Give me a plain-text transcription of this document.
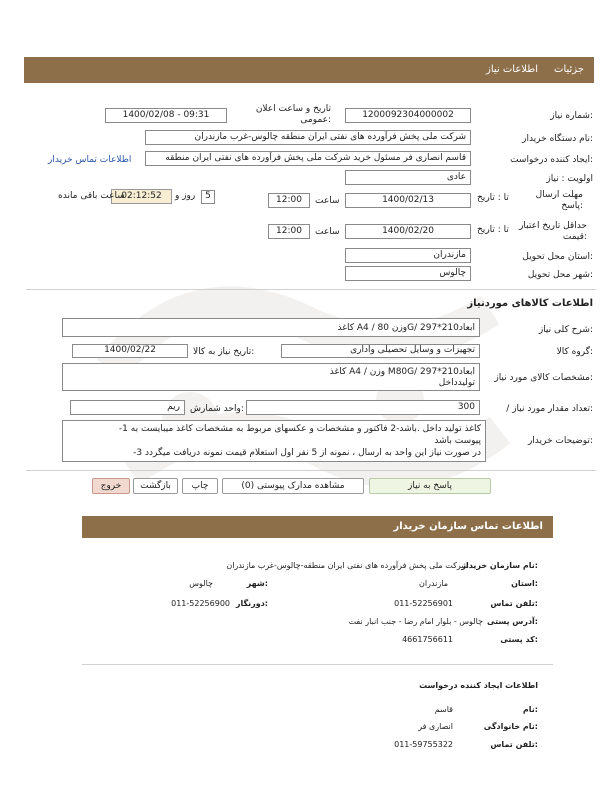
جزئیات
اطلاعات نیاز
شماره نیاز:
1200092304000002
تاریخ و ساعت اعلان عمومی:
1400/02/08 - 09:31
نام دستگاه خریدار:
شرکت ملی پخش فرآورده های نفتی ایران منطقه چالوس-غرب مازندران
ایجاد کننده درخواست:
قاسم انصاری فر مسئول خرید شرکت ملی پخش فرآورده های نفتی ایران منطقه
اطلاعات تماس خریدار
اولویت : نیاز
عادی
مهلت ارسال پاسخ:
تا : تاریخ
1400/02/13
ساعت
12:00
5
روز و
02:12:52
ساعت باقی مانده
حداقل تاریخ اعتبار قیمت:
تا : تاریخ
1400/02/20
ساعت
12:00
استان محل تحویل:
مازندران
شهر محل تحویل:
چالوس
اطلاعات کالاهای موردنیاز
شرح کلی نیاز:
کاغذ A4 / وزن 80G/ ابعاد210*297
گروه کالا:
تجهیزات و وسایل تحصیلی واداری
تاریخ نیاز به کالا:
1400/02/22
مشخصات کالای مورد نیاز:
کاغذ A4 / وزن M80G/ ابعاد210*297
تولیدداخل
/ تعداد مقدار مورد نیاز:
300
واحد شمارش:
ریم
توضیحات خریدار:
-1 کاغذ تولید داخل .باشد-2 فاکتور و مشخصات و عکسهای مربوط به مشخصات کاغذ میبایست به
پیوست باشد
-3 در صورت نیاز این واحد به ارسال ، نمونه از 5 نفر اول استعلام قیمت نمونه دریافت میگردد
پاسخ به نیاز
مشاهده مدارک پیوستی (0)
چاپ
بازگشت
خروج
اطلاعات تماس سازمان خریدار
نام سازمان خریدار:
شرکت ملی پخش فرآورده های نفتی ایران منطقه-چالوس-غرب مازندران
استان:
مازندران
شهر:
چالوس
تلفن تماس:
011-52256901
دورنگار:
011-52256900
آدرس پستی:
چالوس - بلوار امام رضا - جنب انبار نفت
کد پستی:
4661756611
اطلاعات ایجاد کننده درخواست
نام:
قاسم
نام خانوادگی:
انصاری فر
تلفن تماس:
011-59755322
